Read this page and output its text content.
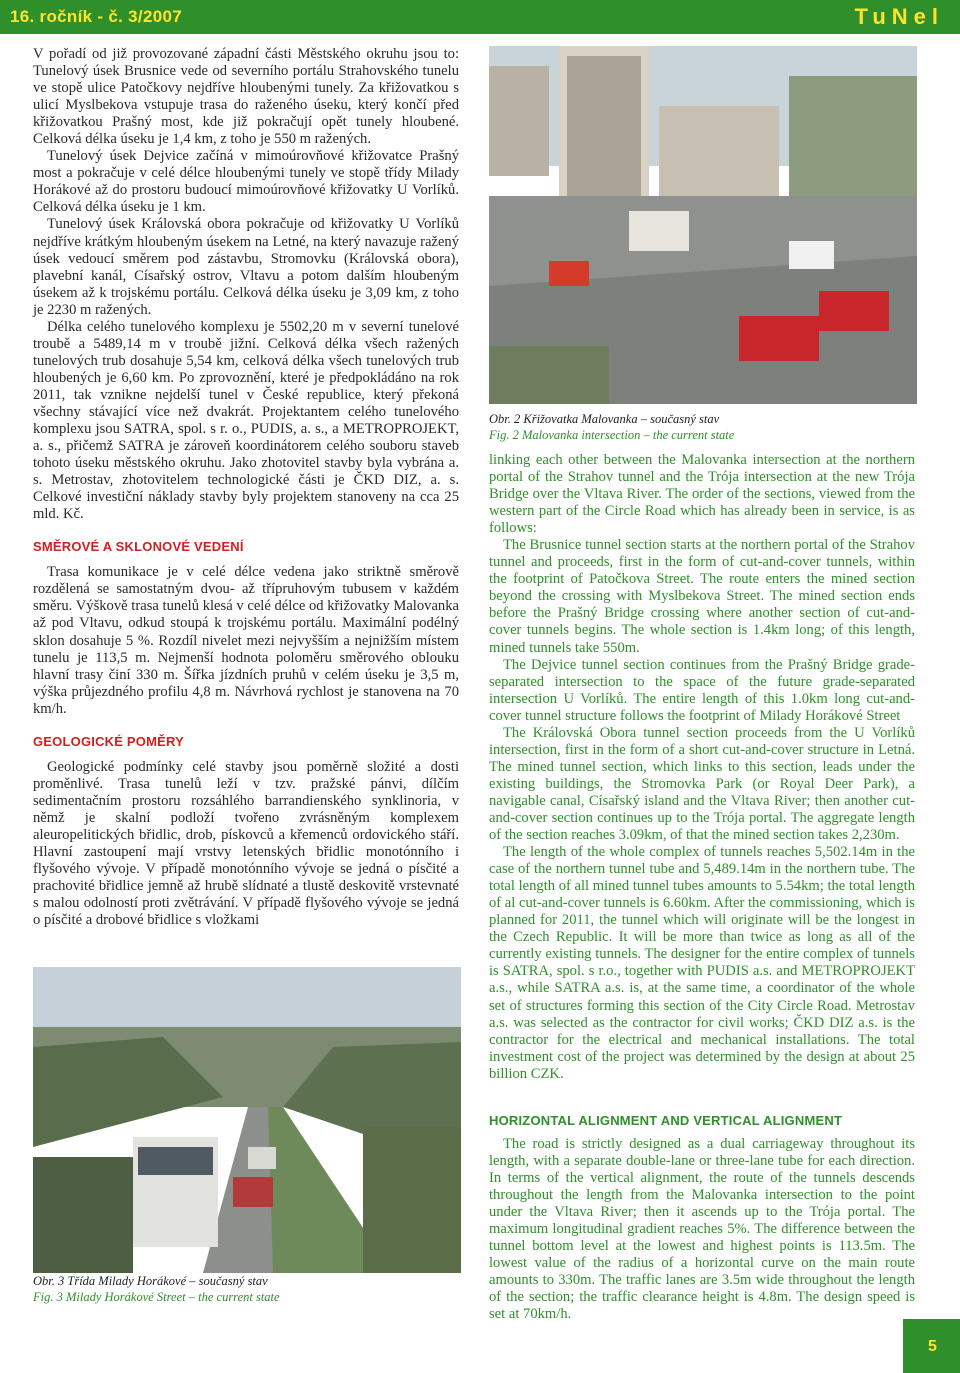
16. ročník - č. 3/2007	TuNel

V pořadí od již provozované západní části Městského okruhu jsou to: Tunelový úsek Brusnice vede od severního portálu Strahovského tunelu ve stopě ulice Patočkovy nejdříve hloubenými tunely. Za křižovatkou s ulicí Myslbekova vstupuje trasa do raženého úseku, který končí před křižovatkou Prašný most, kde již pokračují opět tunely hloubené. Celková délka úseku je 1,4 km, z toho je 550 m ražených.

Tunelový úsek Dejvice začíná v mimoúrovňové křižovatce Prašný most a pokračuje v celé délce hloubenými tunely ve stopě třídy Milady Horákové až do prostoru budoucí mimoúrovňové křižovatky U Vorlíků. Celková délka úseku je 1 km.

Tunelový úsek Královská obora pokračuje od křižovatky U Vorlíků nejdříve krátkým hloubeným úsekem na Letné, na který navazuje ražený úsek vedoucí směrem pod zástavbu, Stromovku (Královská obora), plavební kanál, Císařský ostrov, Vltavu a potom dalším hloubeným úsekem až k trojskému portálu. Celková délka úseku je 3,09 km, z toho je 2230 m ražených.

Délka celého tunelového komplexu je 5502,20 m v severní tunelové troubě a 5489,14 m v troubě jižní. Celková délka všech ražených tunelových trub dosahuje 5,54 km, celková délka všech tunelových trub hloubených je 6,60 km. Po zprovoznění, které je předpokládáno na rok 2011, tak vznikne nejdelší tunel v České republice, který překoná všechny stávající více než dvakrát. Projektantem celého tunelového komplexu jsou SATRA, spol. s r. o., PUDIS, a. s., a METROPROJEKT, a. s., přičemž SATRA je zároveň koordinátorem celého souboru staveb tohoto úseku městského okruhu. Jako zhotovitel stavby byla vybrána a. s. Metrostav, zhotovitelem technologické části je ČKD DIZ, a. s. Celkové investiční náklady stavby byly projektem stanoveny na cca 25 mld. Kč.

SMĚROVÉ A SKLONOVÉ VEDENÍ

Trasa komunikace je v celé délce vedena jako striktně směrově rozdělená se samostatným dvou- až třípruhovým tubusem v každém směru. Výškově trasa tunelů klesá v celé délce od křižovatky Malovanka až pod Vltavu, odkud stoupá k trojskému portálu. Maximální podélný sklon dosahuje 5 %. Rozdíl nivelet mezi nejvyšším a nejnižším místem tunelu je 113,5 m. Nejmenší hodnota poloměru směrového oblouku hlavní trasy činí 330 m. Šířka jízdních pruhů v celém úseku je 3,5 m, výška průjezdného profilu 4,8 m. Návrhová rychlost je stanovena na 70 km/h.

GEOLOGICKÉ POMĚRY

Geologické podmínky celé stavby jsou poměrně složité a dosti proměnlivé. Trasa tunelů leží v tzv. pražské pánvi, dílčím sedimentačním prostoru rozsáhlého barrandienského synklinoria, v němž je skalní podloží tvořeno zvrásněným komplexem aleuropelitických břidlic, drob, pískovců a křemenců ordovického stáří. Hlavní zastoupení mají vrstvy letenských břidlic monotónního i flyšového vývoje. V případě monotónního vývoje se jedná o písčité a prachovité břidlice jemně až hrubě slídnaté a tlustě deskovitě vrstevnaté s malou odolností proti zvětrávání. V případě flyšového vývoje se jedná o písčité a drobové břidlice s vložkami

Obr. 2 Křižovatka Malovanka – současný stav
Fig. 2 Malovanka intersection – the current state

linking each other between the Malovanka intersection at the northern portal of the Strahov tunnel and the Trója intersection at the new Trója Bridge over the Vltava River. The order of the sections, viewed from the western part of the Circle Road which has already been in service, is as follows:

The Brusnice tunnel section starts at the northern portal of the Strahov tunnel and proceeds, first in the form of cut-and-cover tunnels, within the footprint of Patočkova Street. The route enters the mined section beyond the crossing with Myslbekova Street. The mined section ends before the Prašný Bridge crossing where another section of cut-and-cover tunnels begins. The whole section is 1.4km long; of this length, mined tunnels take 550m.

The Dejvice tunnel section continues from the Prašný Bridge grade-separated intersection to the space of the future grade-separated intersection U Vorlíků. The entire length of this 1.0km long cut-and-cover tunnel structure follows the footprint of Milady Horákové Street

The Královská Obora tunnel section proceeds from the U Vorlíků intersection, first in the form of a short cut-and-cover structure in Letná. The mined tunnel section, which links to this section, leads under the existing buildings, the Stromovka Park (or Royal Deer Park), a navigable canal, Císařský island and the Vltava River; then another cut-and-cover section continues up to the Trója portal. The aggregate length of the section reaches 3.09km, of that the mined section takes 2,230m.

The length of the whole complex of tunnels reaches 5,502.14m in the case of the northern tunnel tube and 5,489.14m in the northern tube. The total length of all mined tunnel tubes amounts to 5.54km; the total length of al cut-and-cover tunnels is 6.60km. After the commissioning, which is planned for 2011, the tunnel which will originate will be the longest in the Czech Republic. It will be more than twice as long as all of the currently existing tunnels. The designer for the entire complex of tunnels is SATRA, spol. s r.o., together with PUDIS a.s. and METROPROJEKT a.s., while SATRA a.s. is, at the same time, a coordinator of the whole set of structures forming this section of the City Circle Road. Metrostav a.s. was selected as the contractor for civil works; ČKD DIZ a.s. is the contractor for the electrical and mechanical installations. The total investment cost of the project was determined by the design at about 25 billion CZK.

HORIZONTAL ALIGNMENT AND VERTICAL ALIGNMENT

The road is strictly designed as a dual carriageway throughout its length, with a separate double-lane or three-lane tube for each direction. In terms of the vertical alignment, the route of the tunnels descends throughout the length from the Malovanka intersection to the point under the Vltava River; then it ascends up to the Trója portal. The maximum longitudinal gradient reaches 5%. The difference between the tunnel bottom level at the lowest and highest points is 113.5m. The lowest value of the radius of a horizontal curve on the main route amounts to 330m. The traffic lanes are 3.5m wide throughout the length of the section; the traffic clearance height is 4.8m. The design speed is set at 70km/h.

Obr. 3 Třída Milady Horákové – současný stav
Fig. 3 Milady Horákové Street – the current state
5
